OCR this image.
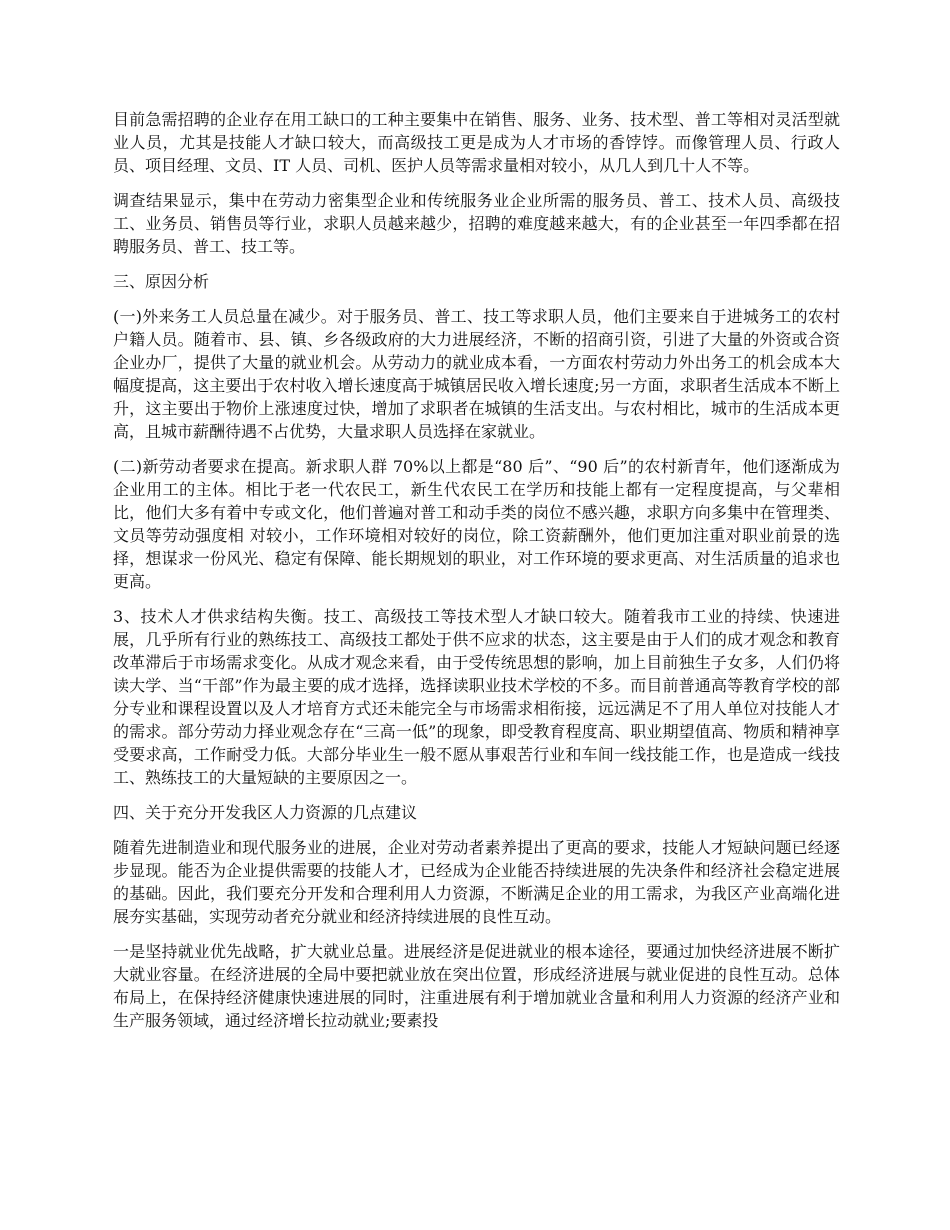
目前急需招聘的企业存在用工缺口的工种主要集中在销售、服务、业务、技术型、普工等相对灵活型就业人员，尤其是技能人才缺口较大，而高级技工更是成为人才市场的香饽饽。而像管理人员、行政人员、项目经理、文员、IT 人员、司机、医护人员等需求量相对较小，从几人到几十人不等。

调查结果显示，集中在劳动力密集型企业和传统服务业企业所需的服务员、普工、技术人员、高级技工、业务员、销售员等行业，求职人员越来越少，招聘的难度越来越大，有的企业甚至一年四季都在招聘服务员、普工、技工等。

三、原因分析

(一)外来务工人员总量在减少。对于服务员、普工、技工等求职人员，他们主要来自于进城务工的农村户籍人员。随着市、县、镇、乡各级政府的大力进展经济，不断的招商引资，引进了大量的外资或合资企业办厂，提供了大量的就业机会。从劳动力的就业成本看，一方面农村劳动力外出务工的机会成本大幅度提高，这主要出于农村收入增长速度高于城镇居民收入增长速度;另一方面，求职者生活成本不断上升，这主要出于物价上涨速度过快，增加了求职者在城镇的生活支出。与农村相比，城市的生活成本更高，且城市薪酬待遇不占优势，大量求职人员选择在家就业。

(二)新劳动者要求在提高。新求职人群 70%以上都是“80 后”、“90 后”的农村新青年，他们逐渐成为企业用工的主体。相比于老一代农民工，新生代农民工在学历和技能上都有一定程度提高，与父辈相比，他们大多有着中专或文化，他们普遍对普工和动手类的岗位不感兴趣，求职方向多集中在管理类、文员等劳动强度相 对较小，工作环境相对较好的岗位，除工资薪酬外，他们更加注重对职业前景的选择，想谋求一份风光、稳定有保障、能长期规划的职业，对工作环境的要求更高、对生活质量的追求也更高。

3、技术人才供求结构失衡。技工、高级技工等技术型人才缺口较大。随着我市工业的持续、快速进展，几乎所有行业的熟练技工、高级技工都处于供不应求的状态，这主要是由于人们的成才观念和教育改革滞后于市场需求变化。从成才观念来看，由于受传统思想的影响，加上目前独生子女多，人们仍将读大学、当“干部”作为最主要的成才选择，选择读职业技术学校的不多。而目前普通高等教育学校的部分专业和课程设置以及人才培育方式还未能完全与市场需求相衔接，远远满足不了用人单位对技能人才的需求。部分劳动力择业观念存在“三高一低”的现象，即受教育程度高、职业期望值高、物质和精神享受要求高，工作耐受力低。大部分毕业生一般不愿从事艰苦行业和车间一线技能工作，也是造成一线技工、熟练技工的大量短缺的主要原因之一。

四、关于充分开发我区人力资源的几点建议

随着先进制造业和现代服务业的进展，企业对劳动者素养提出了更高的要求，技能人才短缺问题已经逐步显现。能否为企业提供需要的技能人才，已经成为企业能否持续进展的先决条件和经济社会稳定进展的基础。因此，我们要充分开发和合理利用人力资源，不断满足企业的用工需求，为我区产业高端化进展夯实基础，实现劳动者充分就业和经济持续进展的良性互动。

一是坚持就业优先战略，扩大就业总量。进展经济是促进就业的根本途径，要通过加快经济进展不断扩大就业容量。在经济进展的全局中要把就业放在突出位置，形成经济进展与就业促进的良性互动。总体布局上，在保持经济健康快速进展的同时，注重进展有利于增加就业含量和利用人力资源的经济产业和生产服务领域，通过经济增长拉动就业;要素投
